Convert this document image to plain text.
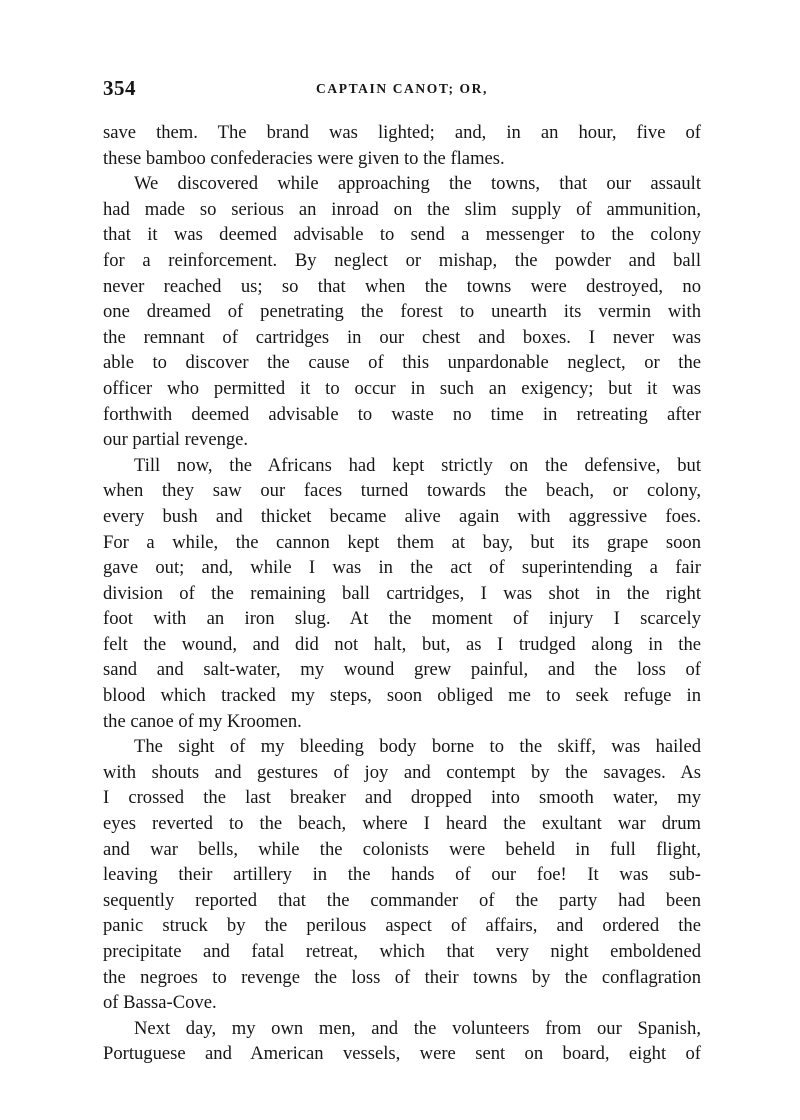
354	CAPTAIN CANOT; OR,
save them. The brand was lighted; and, in an hour, five of
these bamboo confederacies were given to the flames.
We discovered while approaching the towns, that our assault
had made so serious an inroad on the slim supply of ammunition,
that it was deemed advisable to send a messenger to the colony
for a reinforcement. By neglect or mishap, the powder and ball
never reached us; so that when the towns were destroyed, no
one dreamed of penetrating the forest to unearth its vermin with
the remnant of cartridges in our chest and boxes. I never was
able to discover the cause of this unpardonable neglect, or the
officer who permitted it to occur in such an exigency; but it was
forthwith deemed advisable to waste no time in retreating after
our partial revenge.
Till now, the Africans had kept strictly on the defensive, but
when they saw our faces turned towards the beach, or colony,
every bush and thicket became alive again with aggressive foes.
For a while, the cannon kept them at bay, but its grape soon
gave out; and, while I was in the act of superintending a fair
division of the remaining ball cartridges, I was shot in the right
foot with an iron slug. At the moment of injury I scarcely
felt the wound, and did not halt, but, as I trudged along in the
sand and salt-water, my wound grew painful, and the loss of
blood which tracked my steps, soon obliged me to seek refuge in
the canoe of my Kroomen.
The sight of my bleeding body borne to the skiff, was hailed
with shouts and gestures of joy and contempt by the savages. As
I crossed the last breaker and dropped into smooth water, my
eyes reverted to the beach, where I heard the exultant war drum
and war bells, while the colonists were beheld in full flight,
leaving their artillery in the hands of our foe! It was sub-
sequently reported that the commander of the party had been
panic struck by the perilous aspect of affairs, and ordered the
precipitate and fatal retreat, which that very night emboldened
the negroes to revenge the loss of their towns by the conflagration
of Bassa-Cove.
Next day, my own men, and the volunteers from our Spanish,
Portuguese and American vessels, were sent on board, eight of
